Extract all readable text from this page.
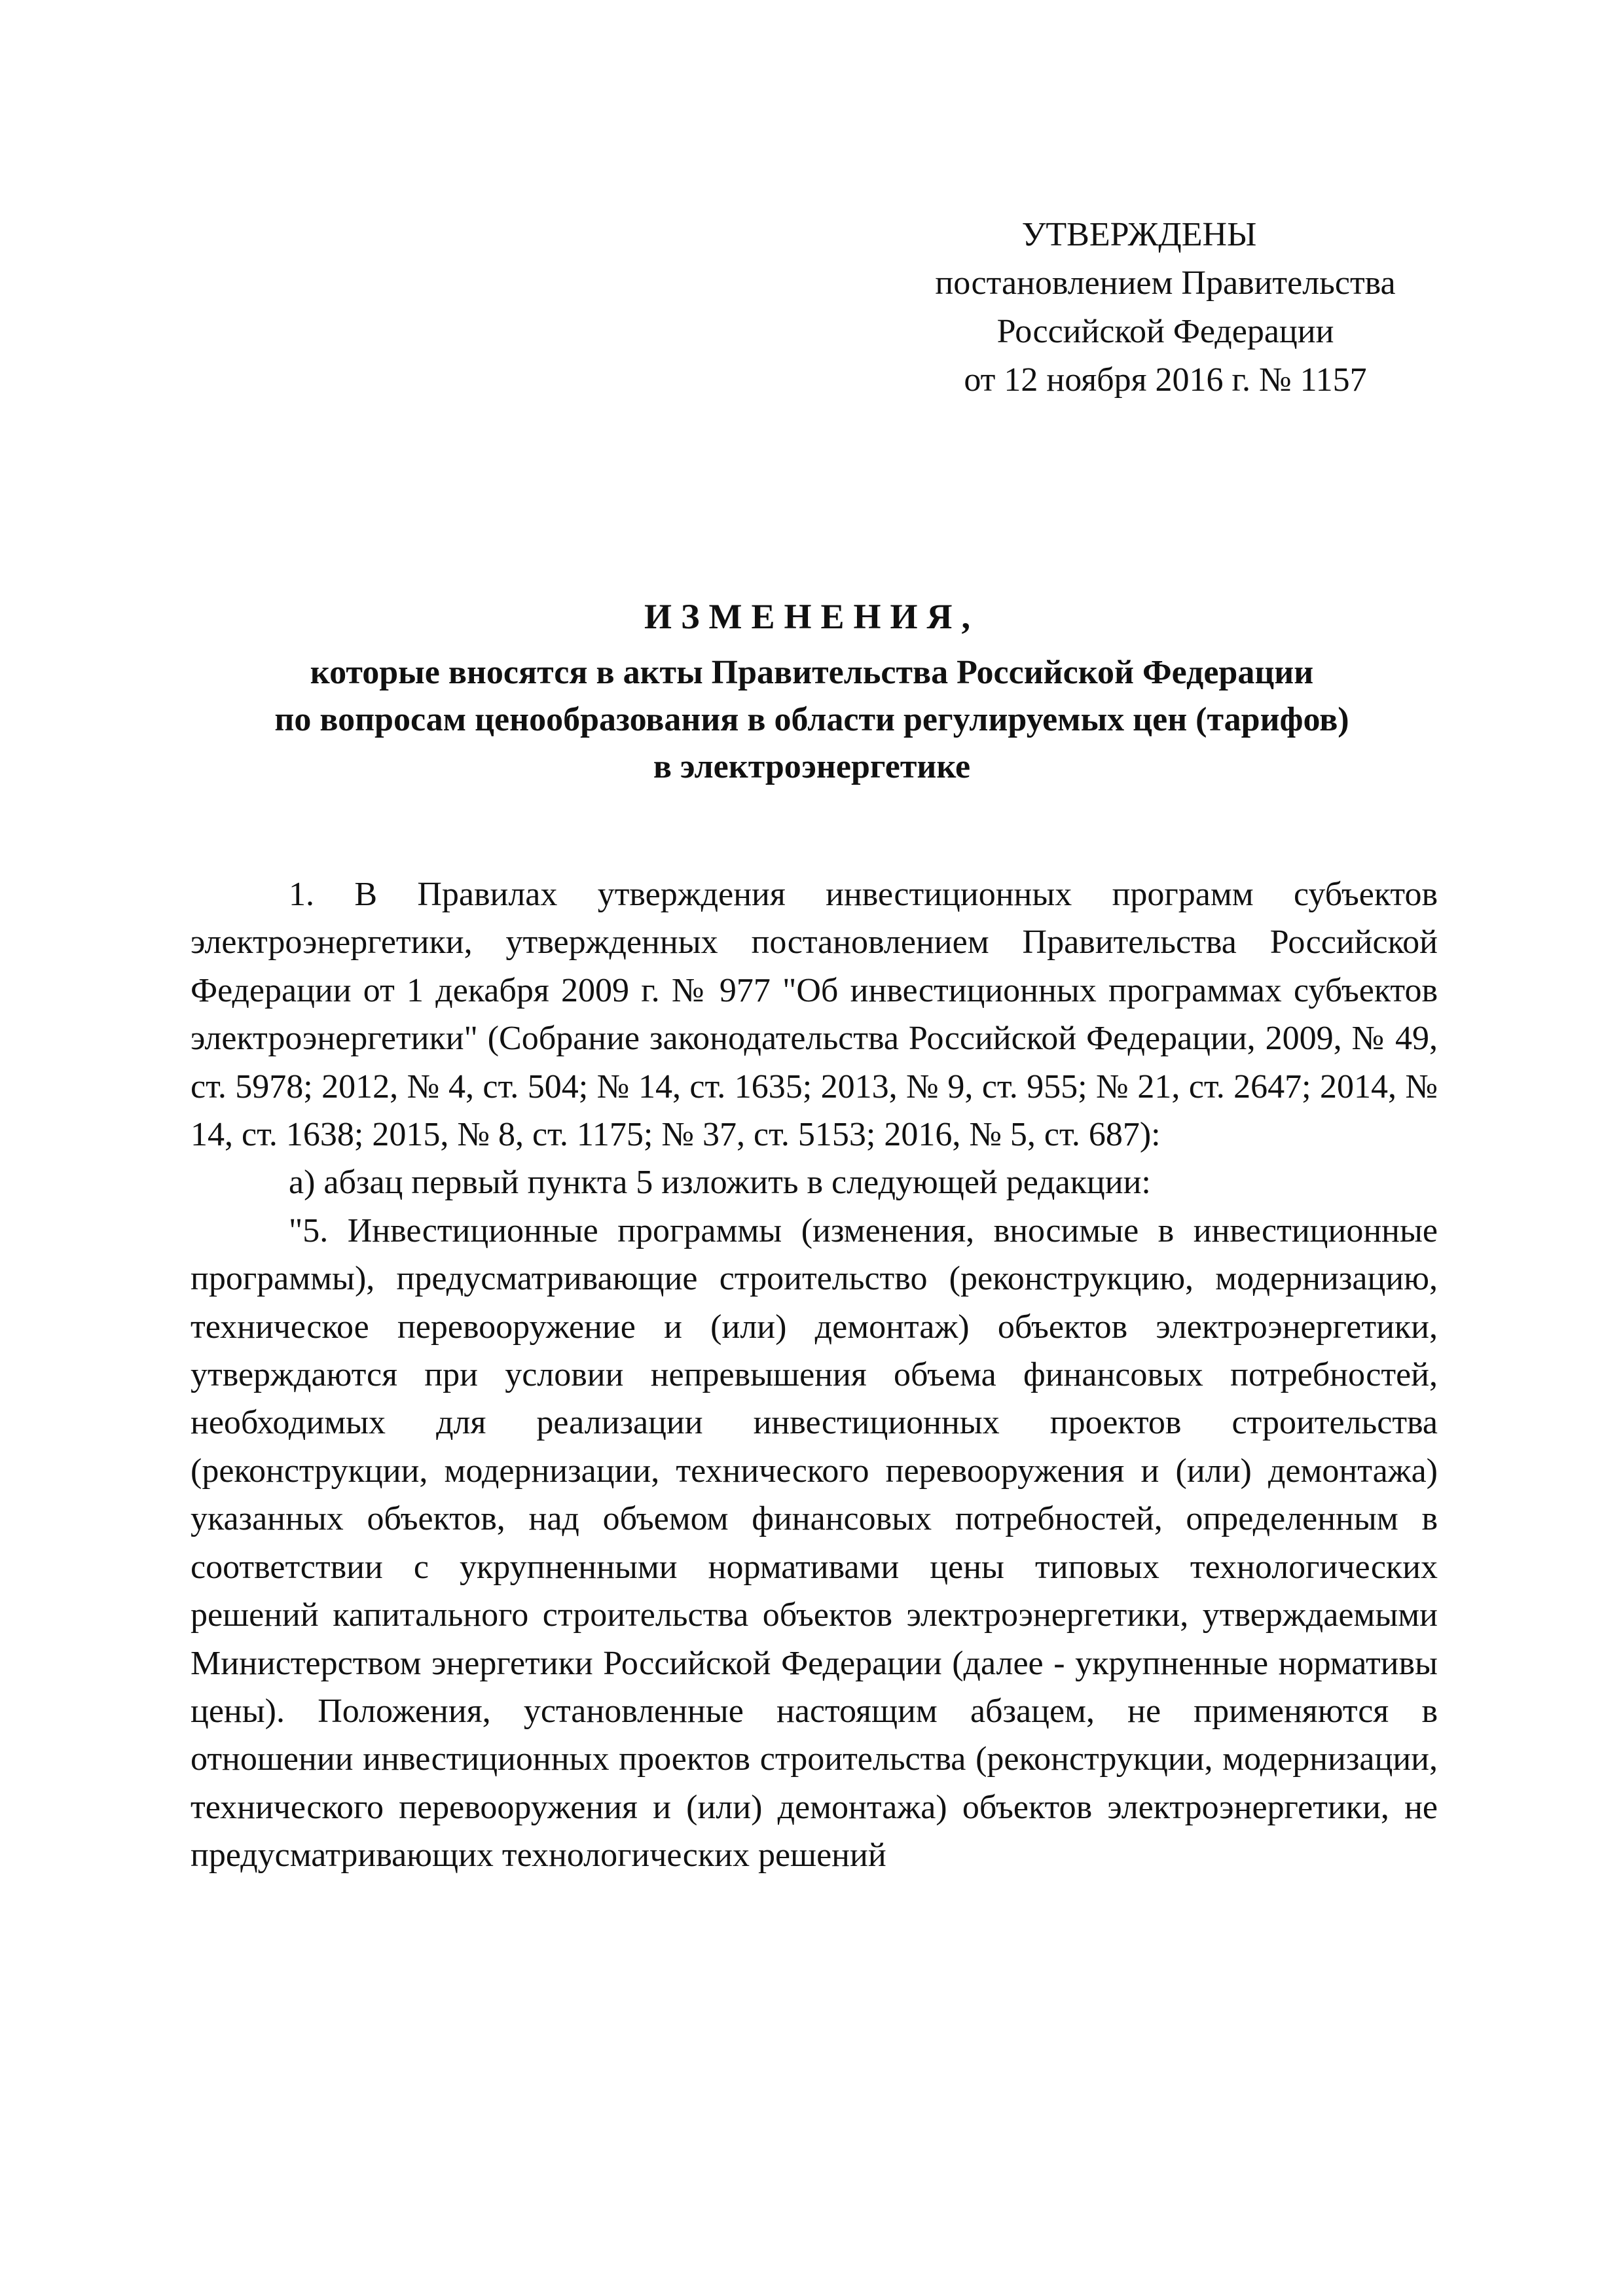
УТВЕРЖДЕНЫ
постановлением Правительства
Российской Федерации
от 12 ноября 2016 г. № 1157
ИЗМЕНЕНИЯ,
которые вносятся в акты Правительства Российской Федерации
по вопросам ценообразования в области регулируемых цен (тарифов)
в электроэнергетике

1. В Правилах утверждения инвестиционных программ субъектов электроэнергетики, утвержденных постановлением Правительства Российской Федерации от 1 декабря 2009 г. № 977 "Об инвестиционных программах субъектов электроэнергетики" (Собрание законодательства Российской Федерации, 2009, № 49, ст. 5978; 2012, № 4, ст. 504; № 14, ст. 1635; 2013, № 9, ст. 955; № 21, ст. 2647; 2014, № 14, ст. 1638; 2015, № 8, ст. 1175; № 37, ст. 5153; 2016, № 5, ст. 687):

а) абзац первый пункта 5 изложить в следующей редакции:

"5. Инвестиционные программы (изменения, вносимые в инвестиционные программы), предусматривающие строительство (реконструкцию, модернизацию, техническое перевооружение и (или) демонтаж) объектов электроэнергетики, утверждаются при условии непревышения объема финансовых потребностей, необходимых для реализации инвестиционных проектов строительства (реконструкции, модернизации, технического перевооружения и (или) демонтажа) указанных объектов, над объемом финансовых потребностей, определенным в соответствии с укрупненными нормативами цены типовых технологических решений капитального строительства объектов электроэнергетики, утверждаемыми Министерством энергетики Российской Федерации (далее - укрупненные нормативы цены). Положения, установленные настоящим абзацем, не применяются в отношении инвестиционных проектов строительства (реконструкции, модернизации, технического перевооружения и (или) демонтажа) объектов электроэнергетики, не предусматривающих технологических решений
